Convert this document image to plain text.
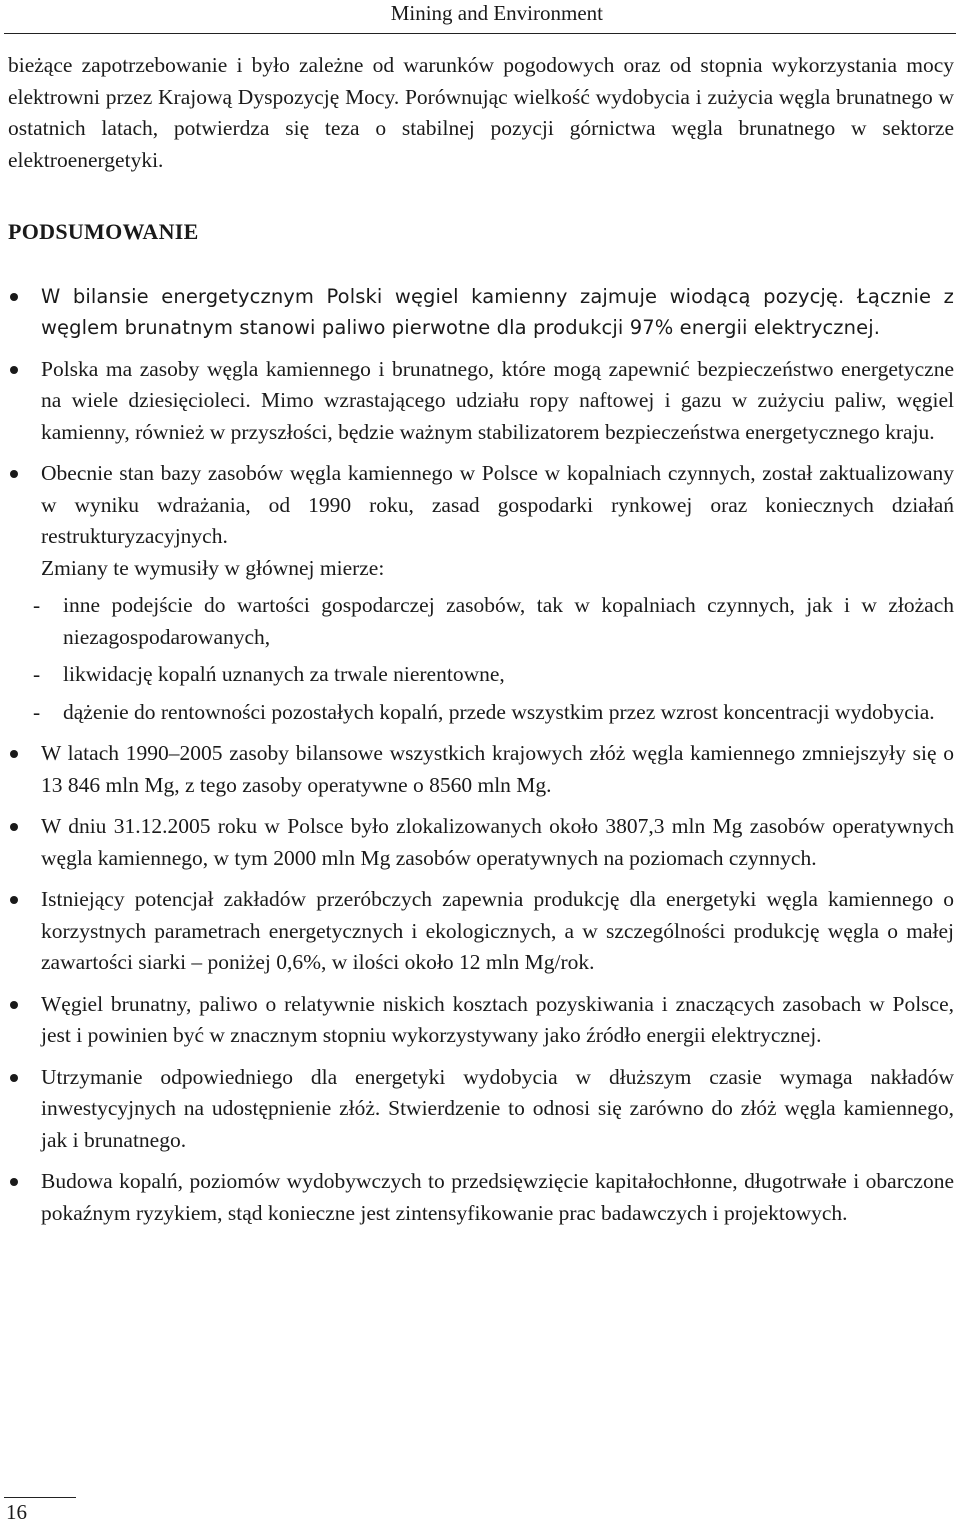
Mining and Environment

bieżące zapotrzebowanie i było zależne od warunków pogodowych oraz od stopnia wykorzystania mocy elektrowni przez Krajową Dyspozycję Mocy. Porównując wielkość wydobycia i zużycia węgla brunatnego w ostatnich latach, potwierdza się teza o stabilnej pozycji górnictwa węgla brunatnego w sektorze elektroenergetyki.

PODSUMOWANIE
W bilansie energetycznym Polski węgiel kamienny zajmuje wiodącą pozycję. Łącznie z węglem brunatnym stanowi paliwo pierwotne dla produkcji 97% energii elektrycznej.
Polska ma zasoby węgla kamiennego i brunatnego, które mogą zapewnić bezpieczeństwo energetyczne na wiele dziesięcioleci. Mimo wzrastającego udziału ropy naftowej i gazu w zużyciu paliw, węgiel kamienny, również w przyszłości, będzie ważnym stabilizatorem bezpieczeństwa energetycznego kraju.

Obecnie stan bazy zasobów węgla kamiennego w Polsce w kopalniach czynnych, został zaktualizowany w wyniku wdrażania, od 1990 roku, zasad gospodarki rynkowej oraz koniecznych działań restrukturyzacyjnych.

Zmiany te wymusiły w głównej mierze:

- inne podejście do wartości gospodarczej zasobów, tak w kopalniach czynnych, jak i w złożach niezagospodarowanych,
- likwidację kopalń uznanych za trwale nierentowne,
- dążenie do rentowności pozostałych kopalń, przede wszystkim przez wzrost koncentracji wydobycia.
W latach 1990–2005 zasoby bilansowe wszystkich krajowych złóż węgla kamiennego zmniejszyły się o 13 846 mln Mg, z tego zasoby operatywne o 8560 mln Mg.
W dniu 31.12.2005 roku w Polsce było zlokalizowanych około 3807,3 mln Mg zasobów operatywnych węgla kamiennego, w tym 2000 mln Mg zasobów operatywnych na poziomach czynnych.
Istniejący potencjał zakładów przeróbczych zapewnia produkcję dla energetyki węgla kamiennego o korzystnych parametrach energetycznych i ekologicznych, a w szczególności produkcję węgla o małej zawartości siarki – poniżej 0,6%, w ilości około 12 mln Mg/rok.
Węgiel brunatny, paliwo o relatywnie niskich kosztach pozyskiwania i znaczących zasobach w Polsce, jest i powinien być w znacznym stopniu wykorzystywany jako źródło energii elektrycznej.
Utrzymanie odpowiedniego dla energetyki wydobycia w dłuższym czasie wymaga nakładów inwestycyjnych na udostępnienie złóż. Stwierdzenie to odnosi się zarówno do złóż węgla kamiennego, jak i brunatnego.
Budowa kopalń, poziomów wydobywczych to przedsięwzięcie kapitałochłonne, długotrwałe i obarczone pokaźnym ryzykiem, stąd konieczne jest zintensyfikowanie prac badawczych i projektowych.
16
